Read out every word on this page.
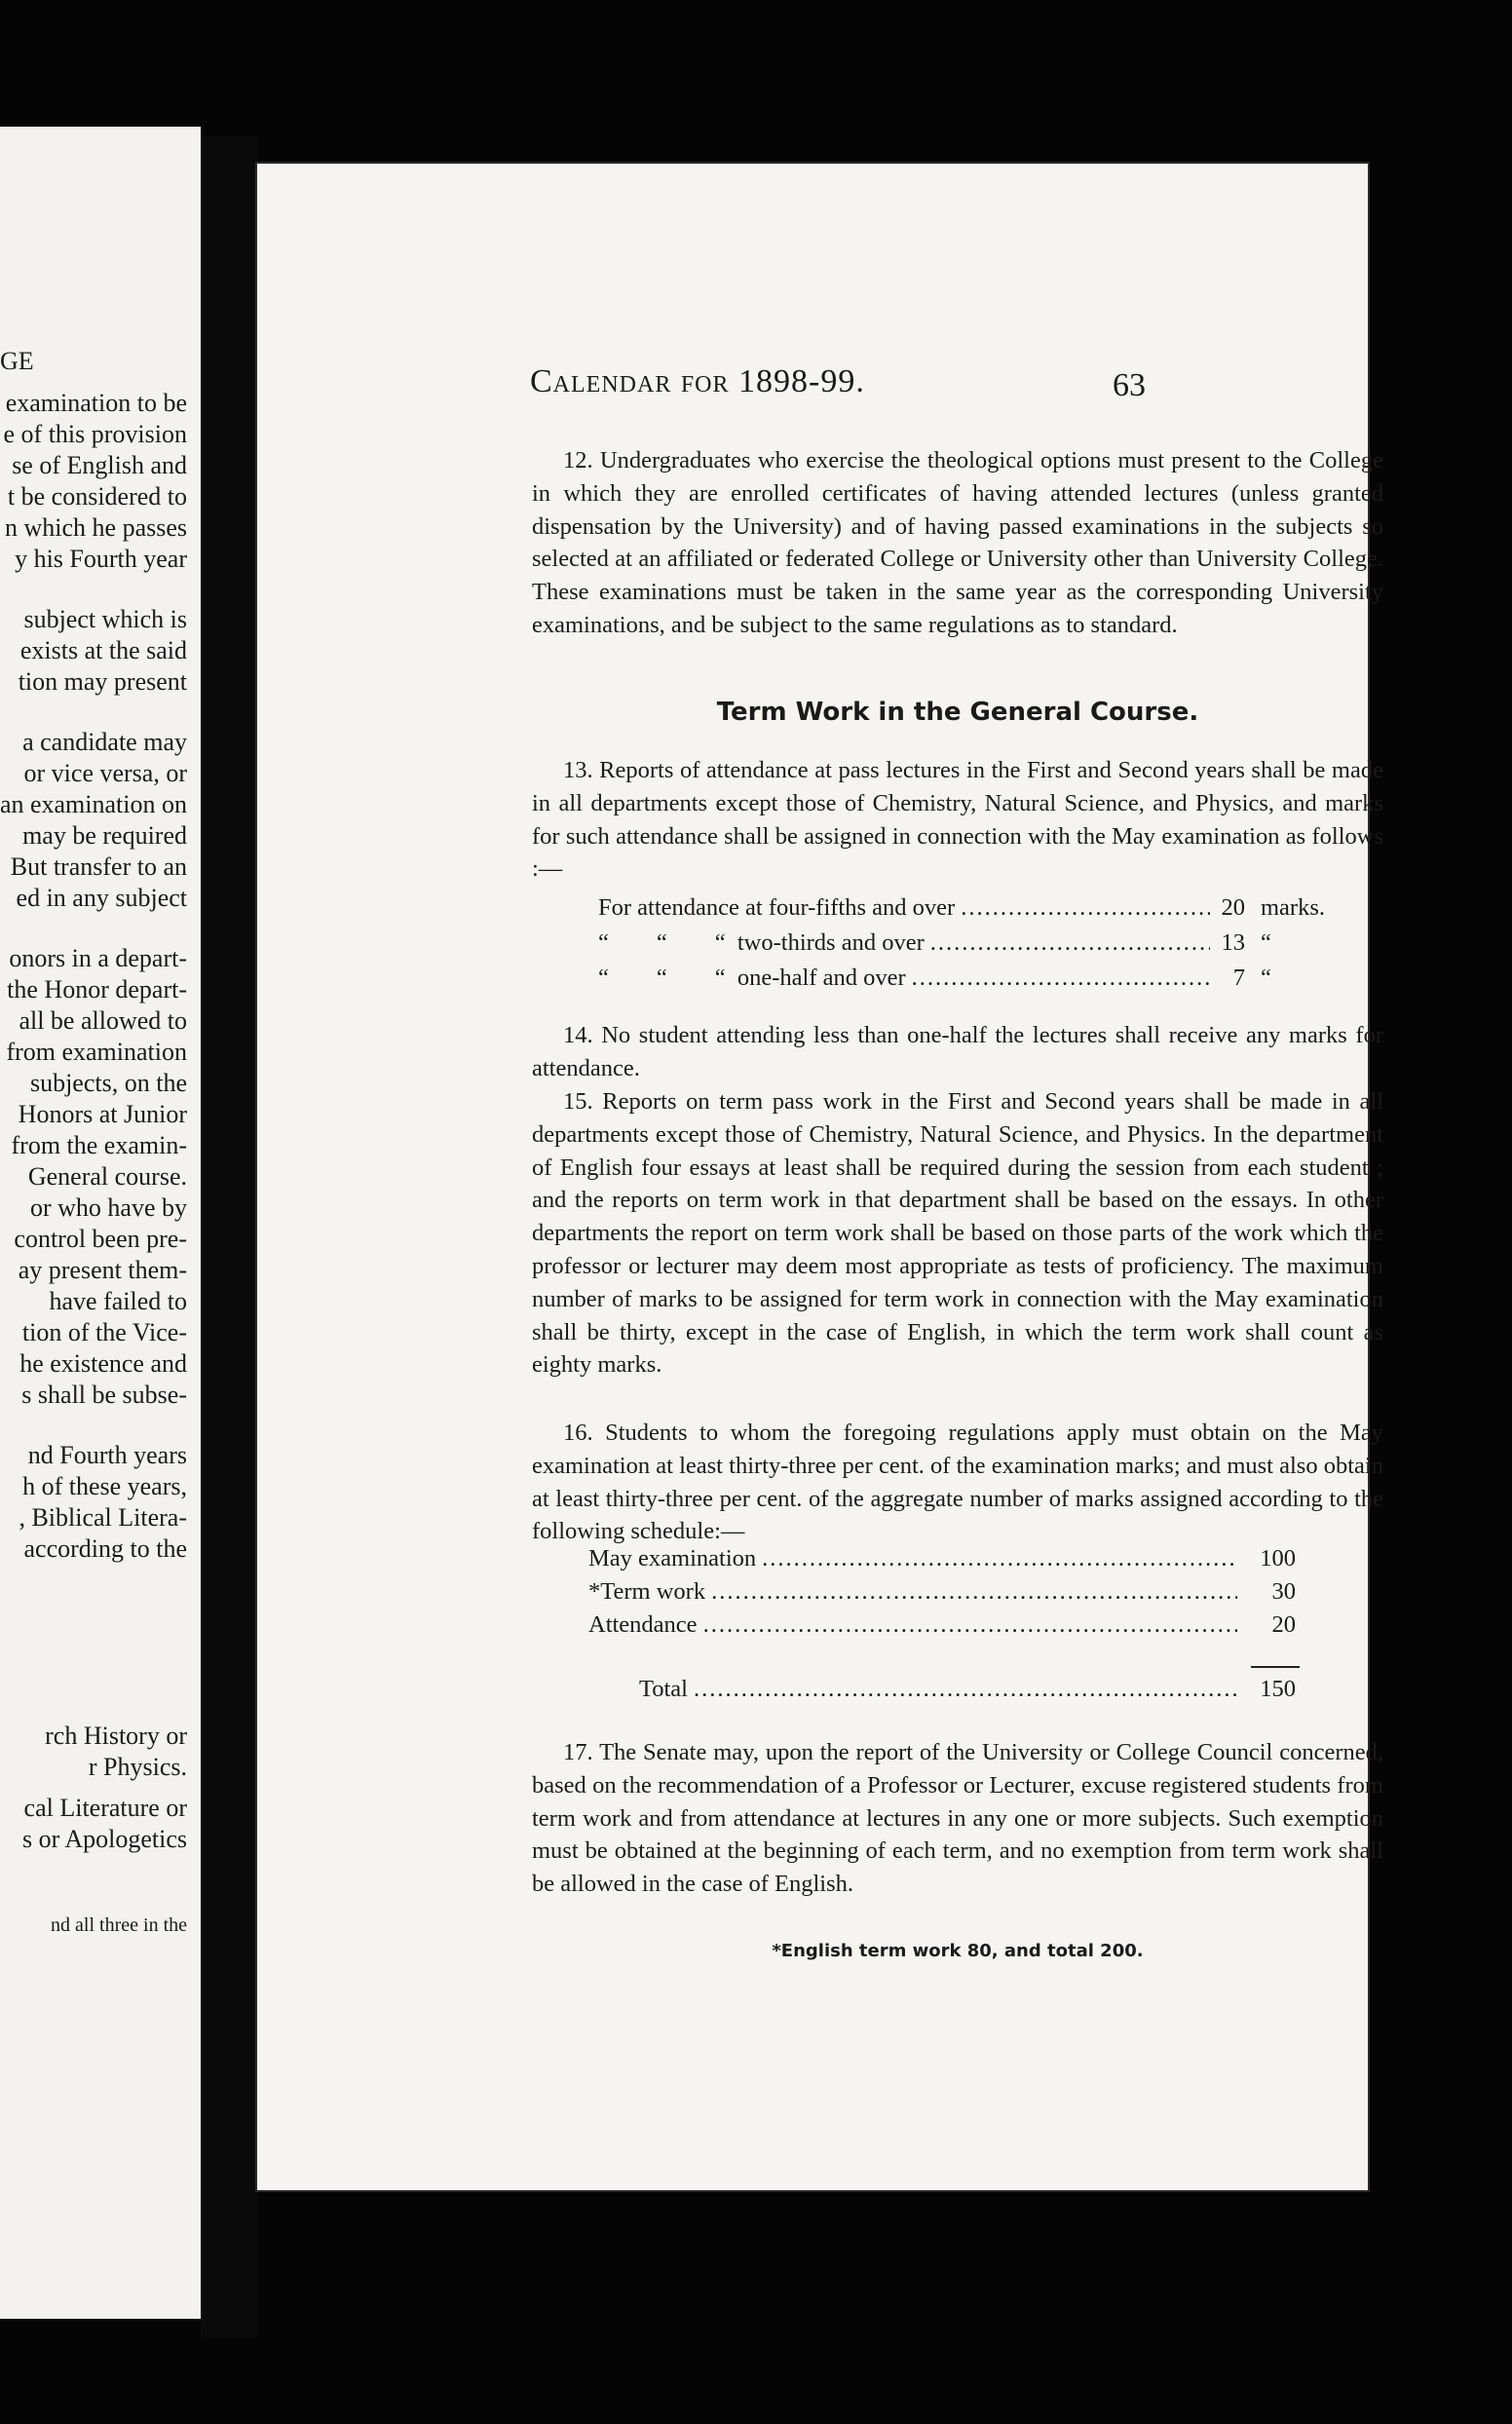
GE
examination to be
e of this provision
se of English and
t be considered to
n which he passes
y his Fourth year
subject which is
exists at the said
tion may present
a candidate may
or vice versa, or
an examination on
may be required
But transfer to an
ed in any subject
onors in a depart-
the Honor depart-
all be allowed to
from examination
subjects, on the
Honors at Junior
from the examin-
General course.
or who have by
control been pre-
ay present them-
have failed to
tion of the Vice-
he existence and
s shall be subse-
nd Fourth years
h of these years,
, Biblical Litera-
according to the
rch History or
r Physics.
cal Literature or
s or Apologetics
nd all three in the
Calendar for 1898-99.	63
12. Undergraduates who exercise the theological options must present to the College in which they are enrolled certificates of having attended lectures (unless granted dispensation by the University) and of having passed examinations in the subjects so selected at an affiliated or federated College or University other than University College. These examinations must be taken in the same year as the corresponding University examinations, and be subject to the same regulations as to standard.
Term Work in the General Course.
13. Reports of attendance at pass lectures in the First and Second years shall be made in all departments except those of Chemistry, Natural Science, and Physics, and marks for such attendance shall be assigned in connection with the May examination as follows :—
For attendance at four-fifths and over .....	20 marks.
“        “        “  two-thirds and over .....	13 “
“        “        “  one-half and over .....	7 “
14. No student attending less than one-half the lectures shall receive any marks for attendance.
15. Reports on term pass work in the First and Second years shall be made in all departments except those of Chemistry, Natural Science, and Physics. In the department of English four essays at least shall be required during the session from each student ; and the reports on term work in that department shall be based on the essays. In other departments the report on term work shall be based on those parts of the work which the professor or lecturer may deem most appropriate as tests of proficiency. The maximum number of marks to be assigned for term work in connection with the May examination shall be thirty, except in the case of English, in which the term work shall count as eighty marks.
16. Students to whom the foregoing regulations apply must obtain on the May examination at least thirty-three per cent. of the examination marks; and must also obtain at least thirty-three per cent. of the aggregate number of marks assigned according to the following schedule:—
May examination .....	100
*Term work .....	30
Attendance .....	20
Total .....	150
17. The Senate may, upon the report of the University or College Council concerned, based on the recommendation of a Professor or Lecturer, excuse registered students from term work and from attendance at lectures in any one or more subjects. Such exemption must be obtained at the beginning of each term, and no exemption from term work shall be allowed in the case of English.
*English term work 80, and total 200.
